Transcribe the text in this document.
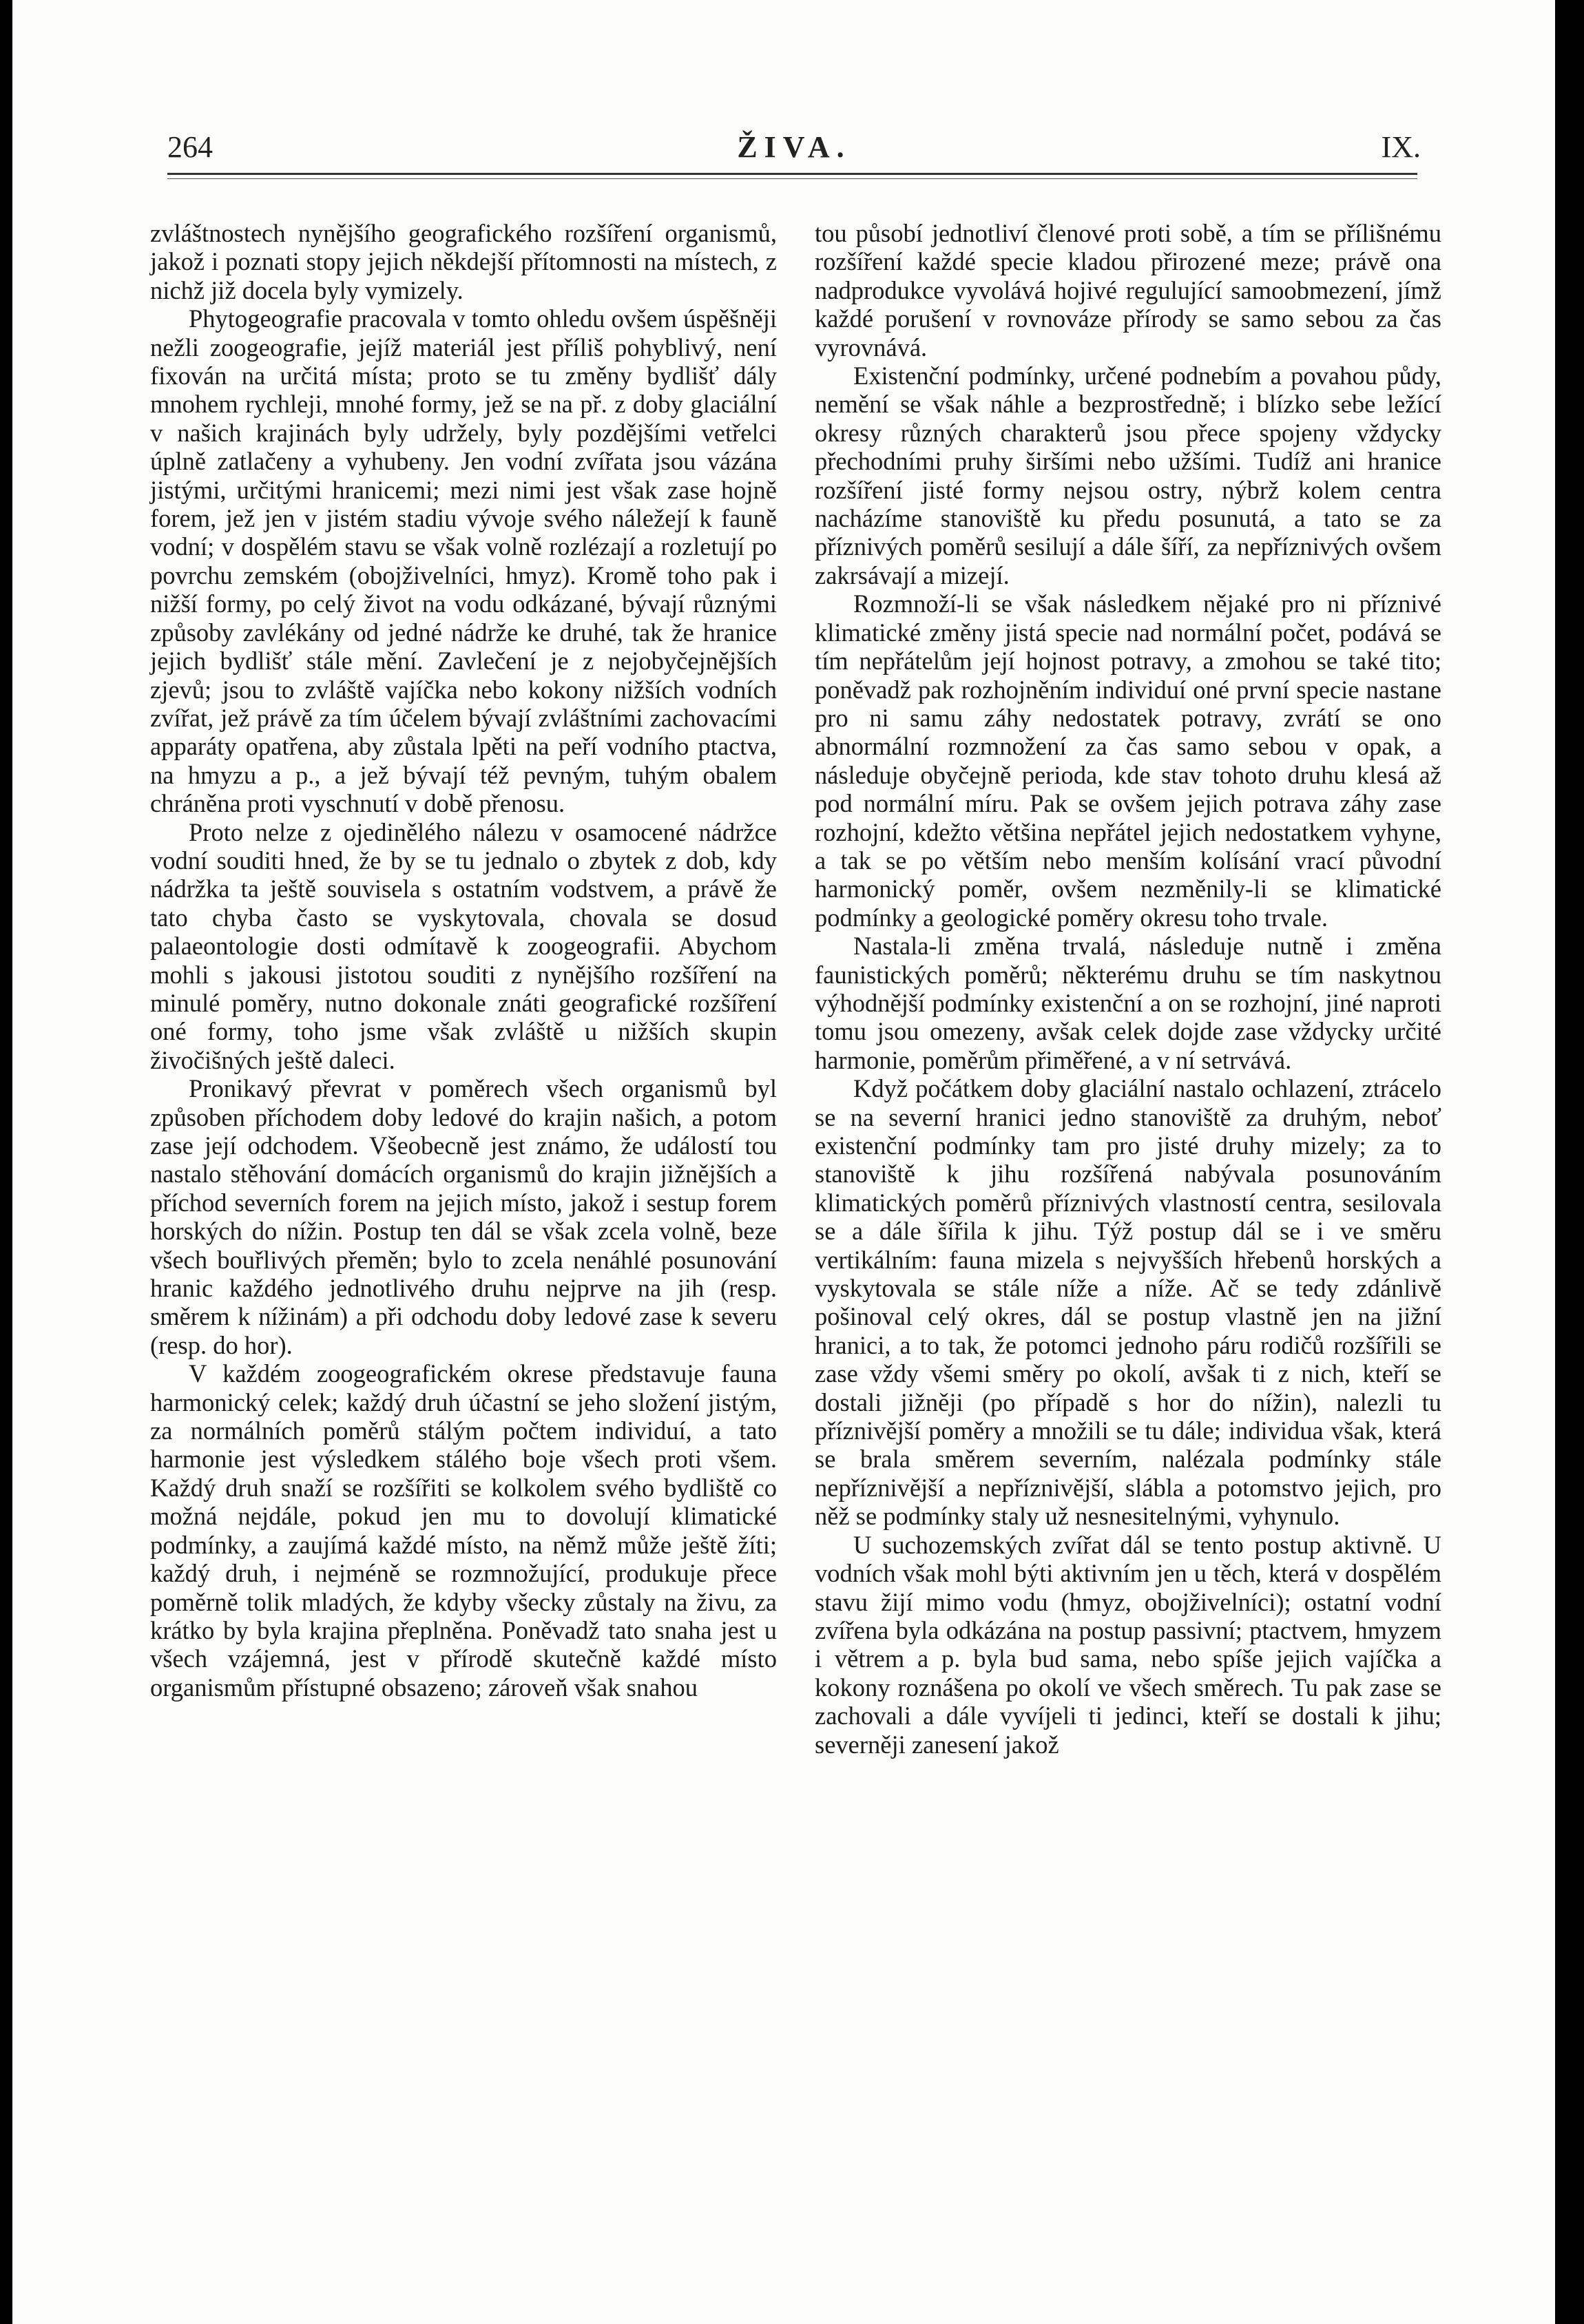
264	ŽIVA.	IX.

zvláštnostech nynějšího geografického rozšíření organismů, jakož i poznati stopy jejich někdejší přítomnosti na místech, z nichž již docela byly vymizely.

Phytogeografie pracovala v tomto ohledu ovšem úspěšněji nežli zoogeografie, jejíž materiál jest příliš pohyblivý, není fixován na určitá místa; proto se tu změny bydlišť dály mnohem rychleji, mnohé formy, jež se na př. z doby glaciální v našich krajinách byly udržely, byly pozdějšími vetřelci úplně zatlačeny a vyhubeny. Jen vodní zvířata jsou vázána jistými, určitými hranicemi; mezi nimi jest však zase hojně forem, jež jen v jistém stadiu vývoje svého náležejí k fauně vodní; v dospělém stavu se však volně rozlézají a rozletují po povrchu zemském (obojživelníci, hmyz). Kromě toho pak i nižší formy, po celý život na vodu odkázané, bývají různými způsoby zavlékány od jedné nádrže ke druhé, tak že hranice jejich bydlišť stále mění. Zavlečení je z nejobyčejnějších zjevů; jsou to zvláště vajíčka nebo kokony nižších vodních zvířat, jež právě za tím účelem bývají zvláštními zachovacími apparáty opatřena, aby zůstala lpěti na peří vodního ptactva, na hmyzu a p., a jež bývají též pevným, tuhým obalem chráněna proti vyschnutí v době přenosu.

Proto nelze z ojedinělého nálezu v osamocené nádržce vodní souditi hned, že by se tu jednalo o zbytek z dob, kdy nádržka ta ještě souvisela s ostatním vodstvem, a právě že tato chyba často se vyskytovala, chovala se dosud palaeontologie dosti odmítavě k zoogeografii. Abychom mohli s jakousi jistotou souditi z nynějšího rozšíření na minulé poměry, nutno dokonale znáti geografické rozšíření oné formy, toho jsme však zvláště u nižších skupin živočišných ještě daleci.

Pronikavý převrat v poměrech všech organismů byl způsoben příchodem doby ledové do krajin našich, a potom zase její odchodem. Všeobecně jest známo, že událostí tou nastalo stěhování domácích organismů do krajin jižnějších a příchod severních forem na jejich místo, jakož i sestup forem horských do nížin. Postup ten dál se však zcela volně, beze všech bouřlivých přeměn; bylo to zcela nenáhlé posunování hranic každého jednotlivého druhu nejprve na jih (resp. směrem k nížinám) a při odchodu doby ledové zase k severu (resp. do hor).

V každém zoogeografickém okrese představuje fauna harmonický celek; každý druh účastní se jeho složení jistým, za normálních poměrů stálým počtem individuí, a tato harmonie jest výsledkem stálého boje všech proti všem. Každý druh snaží se rozšířiti se kolkolem svého bydliště co možná nejdále, pokud jen mu to dovolují klimatické podmínky, a zaujímá každé místo, na němž může ještě žíti; každý druh, i nejméně se rozmnožující, produkuje přece poměrně tolik mladých, že kdyby všecky zůstaly na živu, za krátko by byla krajina přeplněna. Poněvadž tato snaha jest u všech vzájemná, jest v přírodě skutečně každé místo organismům přístupné obsazeno; zároveň však snahou

tou působí jednotliví členové proti sobě, a tím se přílišnému rozšíření každé specie kladou přirozené meze; právě ona nadprodukce vyvolává hojivé regulující samoobmezení, jímž každé porušení v rovnováze přírody se samo sebou za čas vyrovnává.

Existenční podmínky, určené podnebím a povahou půdy, nemění se však náhle a bezprostředně; i blízko sebe ležící okresy různých charakterů jsou přece spojeny vždycky přechodními pruhy širšími nebo užšími. Tudíž ani hranice rozšíření jisté formy nejsou ostry, nýbrž kolem centra nacházíme stanoviště ku předu posunutá, a tato se za příznivých poměrů sesilují a dále šíří, za nepříznivých ovšem zakrsávají a mizejí.

Rozmnoží-li se však následkem nějaké pro ni příznivé klimatické změny jistá specie nad normální počet, podává se tím nepřátelům její hojnost potravy, a zmohou se také tito; poněvadž pak rozhojněním individuí oné první specie nastane pro ni samu záhy nedostatek potravy, zvrátí se ono abnormální rozmnožení za čas samo sebou v opak, a následuje obyčejně perioda, kde stav tohoto druhu klesá až pod normální míru. Pak se ovšem jejich potrava záhy zase rozhojní, kdežto většina nepřátel jejich nedostatkem vyhyne, a tak se po větším nebo menším kolísání vrací původní harmonický poměr, ovšem nezměnily-li se klimatické podmínky a geologické poměry okresu toho trvale.

Nastala-li změna trvalá, následuje nutně i změna faunistických poměrů; některému druhu se tím naskytnou výhodnější podmínky existenční a on se rozhojní, jiné naproti tomu jsou omezeny, avšak celek dojde zase vždycky určité harmonie, poměrům přiměřené, a v ní setrvává.

Když počátkem doby glaciální nastalo ochlazení, ztrácelo se na severní hranici jedno stanoviště za druhým, neboť existenční podmínky tam pro jisté druhy mizely; za to stanoviště k jihu rozšířená nabývala posunováním klimatických poměrů příznivých vlastností centra, sesilovala se a dále šířila k jihu. Týž postup dál se i ve směru vertikálním: fauna mizela s nejvyšších hřebenů horských a vyskytovala se stále níže a níže. Ač se tedy zdánlivě pošinoval celý okres, dál se postup vlastně jen na jižní hranici, a to tak, že potomci jednoho páru rodičů rozšířili se zase vždy všemi směry po okolí, avšak ti z nich, kteří se dostali jižněji (po případě s hor do nížin), nalezli tu příznivější poměry a množili se tu dále; individua však, která se brala směrem severním, nalézala podmínky stále nepříznivější a nepříznivější, slábla a potomstvo jejich, pro něž se podmínky staly už nesnesitelnými, vyhynulo.

U suchozemských zvířat dál se tento postup aktivně. U vodních však mohl býti aktivním jen u těch, která v dospělém stavu žijí mimo vodu (hmyz, obojživelníci); ostatní vodní zvířena byla odkázána na postup passivní; ptactvem, hmyzem i větrem a p. byla bud sama, nebo spíše jejich vajíčka a kokony roznášena po okolí ve všech směrech. Tu pak zase se zachovali a dále vyvíjeli ti jedinci, kteří se dostali k jihu; severněji zanesení jakož
